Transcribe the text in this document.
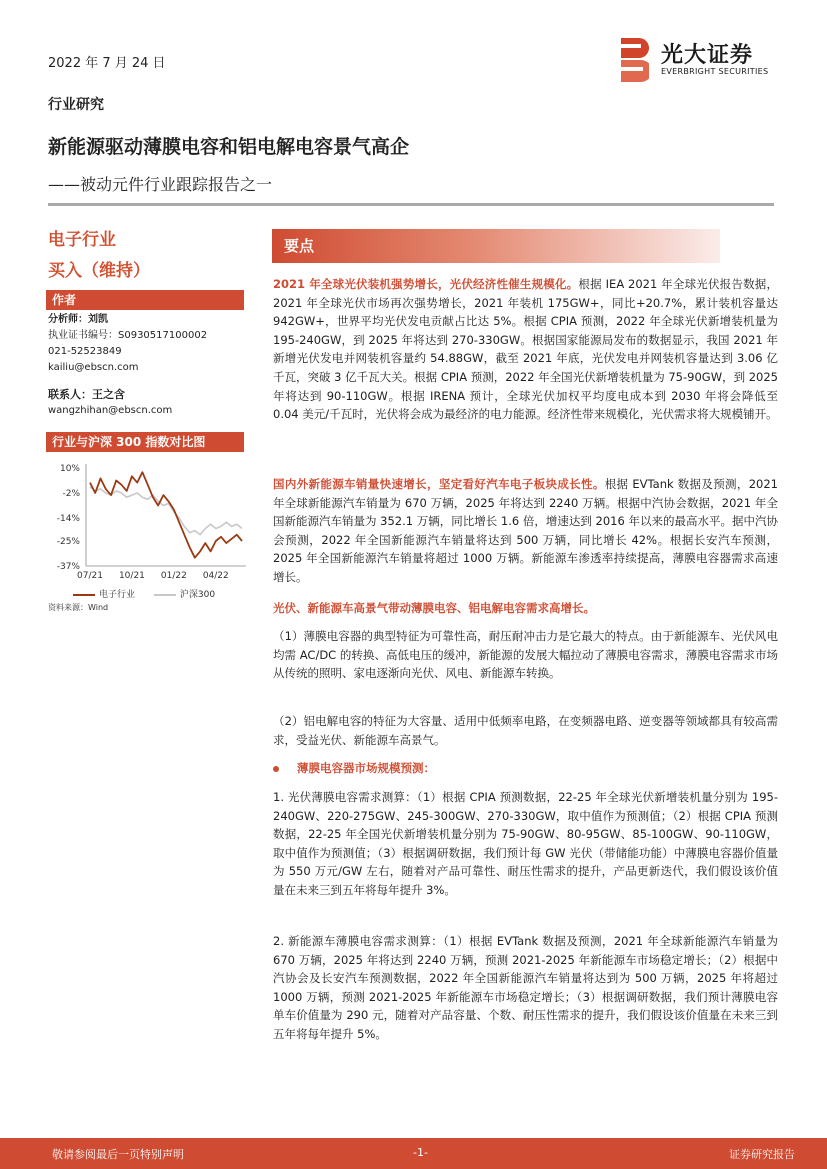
2022 年 7 月 24 日	光大证券
EVERBRIGHT SECURITIES
行业研究
新能源驱动薄膜电容和铝电解电容景气高企
——被动元件行业跟踪报告之一
电子行业
买入（维持）
作者
分析师：刘凯
执业证书编号：S0930517100002
021-52523849
kailiu@ebscn.com
联系人：王之含
wangzhihan@ebscn.com
行业与沪深 300 指数对比图
10%
-2%
-14%
-25%
-37%
07/21 10/21 01/22 04/22
电子行业	沪深300
资料来源：Wind
要点
2021 年全球光伏装机强势增长，光伏经济性催生规模化。根据 IEA 2021 年全球光伏报告数据，2021 年全球光伏市场再次强势增长，2021 年装机 175GW+，同比+20.7%，累计装机容量达 942GW+，世界平均光伏发电贡献占比达 5%。根据 CPIA 预测，2022 年全球光伏新增装机量为 195-240GW，到 2025 年将达到 270-330GW。根据国家能源局发布的数据显示，我国 2021 年新增光伏发电并网装机容量约 54.88GW，截至 2021 年底，光伏发电并网装机容量达到 3.06 亿千瓦，突破 3 亿千瓦大关。根据 CPIA 预测，2022 年全国光伏新增装机量为 75-90GW，到 2025 年将达到 90-110GW。根据 IRENA 预计，全球光伏加权平均度电成本到 2030 年将会降低至 0.04 美元/千瓦时，光伏将会成为最经济的电力能源。经济性带来规模化，光伏需求将大规模铺开。
国内外新能源车销量快速增长，坚定看好汽车电子板块成长性。根据 EVTank 数据及预测，2021 年全球新能源汽车销量为 670 万辆，2025 年将达到 2240 万辆。根据中汽协会数据，2021 年全国新能源汽车销量为 352.1 万辆，同比增长 1.6 倍，增速达到 2016 年以来的最高水平。据中汽协会预测，2022 年全国新能源汽车销量将达到 500 万辆，同比增长 42%。根据长安汽车预测，2025 年全国新能源汽车销量将超过 1000 万辆。新能源车渗透率持续提高，薄膜电容器需求高速增长。
光伏、新能源车高景气带动薄膜电容、铝电解电容需求高增长。
（1）薄膜电容器的典型特征为可靠性高，耐压耐冲击力是它最大的特点。由于新能源车、光伏风电均需 AC/DC 的转换、高低电压的缓冲，新能源的发展大幅拉动了薄膜电容需求，薄膜电容需求市场从传统的照明、家电逐渐向光伏、风电、新能源车转换。
（2）铝电解电容的特征为大容量、适用中低频率电路，在变频器电路、逆变器等领域都具有较高需求，受益光伏、新能源车高景气。
薄膜电容器市场规模预测：
1. 光伏薄膜电容需求测算：（1）根据 CPIA 预测数据，22-25 年全球光伏新增装机量分别为 195-240GW、220-275GW、245-300GW、270-330GW，取中值作为预测值；（2）根据 CPIA 预测数据，22-25 年全国光伏新增装机量分别为 75-90GW、80-95GW、85-100GW、90-110GW，取中值作为预测值；（3）根据调研数据，我们预计每 GW 光伏（带储能功能）中薄膜电容器价值量为 550 万元/GW 左右，随着对产品可靠性、耐压性需求的提升，产品更新迭代，我们假设该价值量在未来三到五年将每年提升 3%。
2. 新能源车薄膜电容需求测算：（1）根据 EVTank 数据及预测，2021 年全球新能源汽车销量为 670 万辆，2025 年将达到 2240 万辆，预测 2021-2025 年新能源车市场稳定增长；（2）根据中汽协会及长安汽车预测数据，2022 年全国新能源汽车销量将达到为 500 万辆，2025 年将超过 1000 万辆，预测 2021-2025 年新能源车市场稳定增长；（3）根据调研数据，我们预计薄膜电容单车价值量为 290 元，随着对产品容量、个数、耐压性需求的提升，我们假设该价值量在未来三到五年将每年提升 5%。
敬请参阅最后一页特别声明	-1-	证券研究报告
